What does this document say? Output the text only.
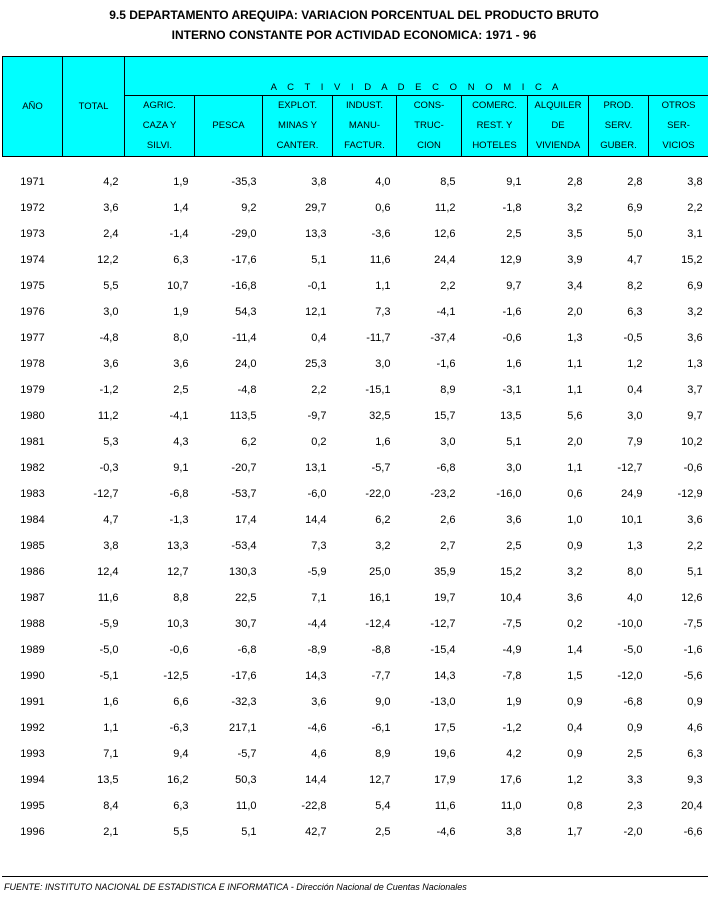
9.5 DEPARTAMENTO AREQUIPA: VARIACION PORCENTUAL DEL PRODUCTO BRUTO
INTERNO CONSTANTE POR ACTIVIDAD ECONOMICA: 1971 - 96
AÑO	TOTAL	A C T I V I D A D E C O N O M I C A								

		AGRIC.
CAZA Y
SILVI.	PESCA	EXPLOT.
MINAS Y
CANTER.	INDUST.
MANU-
FACTUR.	CONS-
TRUC-
CION	COMERC.
REST. Y
HOTELES	ALQUILER
DE
VIVIENDA	PROD.
SERV.
GUBER.	OTROS
SER-
VICIOS

1971	4,2	1,9	-35,3	3,8	4,0	8,5	9,1	2,8	2,8	3,8
1972	3,6	1,4	9,2	29,7	0,6	11,2	-1,8	3,2	6,9	2,2
1973	2,4	-1,4	-29,0	13,3	-3,6	12,6	2,5	3,5	5,0	3,1
1974	12,2	6,3	-17,6	5,1	11,6	24,4	12,9	3,9	4,7	15,2
1975	5,5	10,7	-16,8	-0,1	1,1	2,2	9,7	3,4	8,2	6,9
1976	3,0	1,9	54,3	12,1	7,3	-4,1	-1,6	2,0	6,3	3,2
1977	-4,8	8,0	-11,4	0,4	-11,7	-37,4	-0,6	1,3	-0,5	3,6
1978	3,6	3,6	24,0	25,3	3,0	-1,6	1,6	1,1	1,2	1,3
1979	-1,2	2,5	-4,8	2,2	-15,1	8,9	-3,1	1,1	0,4	3,7
1980	11,2	-4,1	113,5	-9,7	32,5	15,7	13,5	5,6	3,0	9,7
1981	5,3	4,3	6,2	0,2	1,6	3,0	5,1	2,0	7,9	10,2
1982	-0,3	9,1	-20,7	13,1	-5,7	-6,8	3,0	1,1	-12,7	-0,6
1983	-12,7	-6,8	-53,7	-6,0	-22,0	-23,2	-16,0	0,6	24,9	-12,9
1984	4,7	-1,3	17,4	14,4	6,2	2,6	3,6	1,0	10,1	3,6
1985	3,8	13,3	-53,4	7,3	3,2	2,7	2,5	0,9	1,3	2,2
1986	12,4	12,7	130,3	-5,9	25,0	35,9	15,2	3,2	8,0	5,1
1987	11,6	8,8	22,5	7,1	16,1	19,7	10,4	3,6	4,0	12,6
1988	-5,9	10,3	30,7	-4,4	-12,4	-12,7	-7,5	0,2	-10,0	-7,5
1989	-5,0	-0,6	-6,8	-8,9	-8,8	-15,4	-4,9	1,4	-5,0	-1,6
1990	-5,1	-12,5	-17,6	14,3	-7,7	14,3	-7,8	1,5	-12,0	-5,6
1991	1,6	6,6	-32,3	3,6	9,0	-13,0	1,9	0,9	-6,8	0,9
1992	1,1	-6,3	217,1	-4,6	-6,1	17,5	-1,2	0,4	0,9	4,6
1993	7,1	9,4	-5,7	4,6	8,9	19,6	4,2	0,9	2,5	6,3
1994	13,5	16,2	50,3	14,4	12,7	17,9	17,6	1,2	3,3	9,3
1995	8,4	6,3	11,0	-22,8	5,4	11,6	11,0	0,8	2,3	20,4
1996	2,1	5,5	5,1	42,7	2,5	-4,6	3,8	1,7	-2,0	-6,6
FUENTE: INSTITUTO NACIONAL DE ESTADISTICA E INFORMATICA - Dirección Nacional de Cuentas Nacionales
